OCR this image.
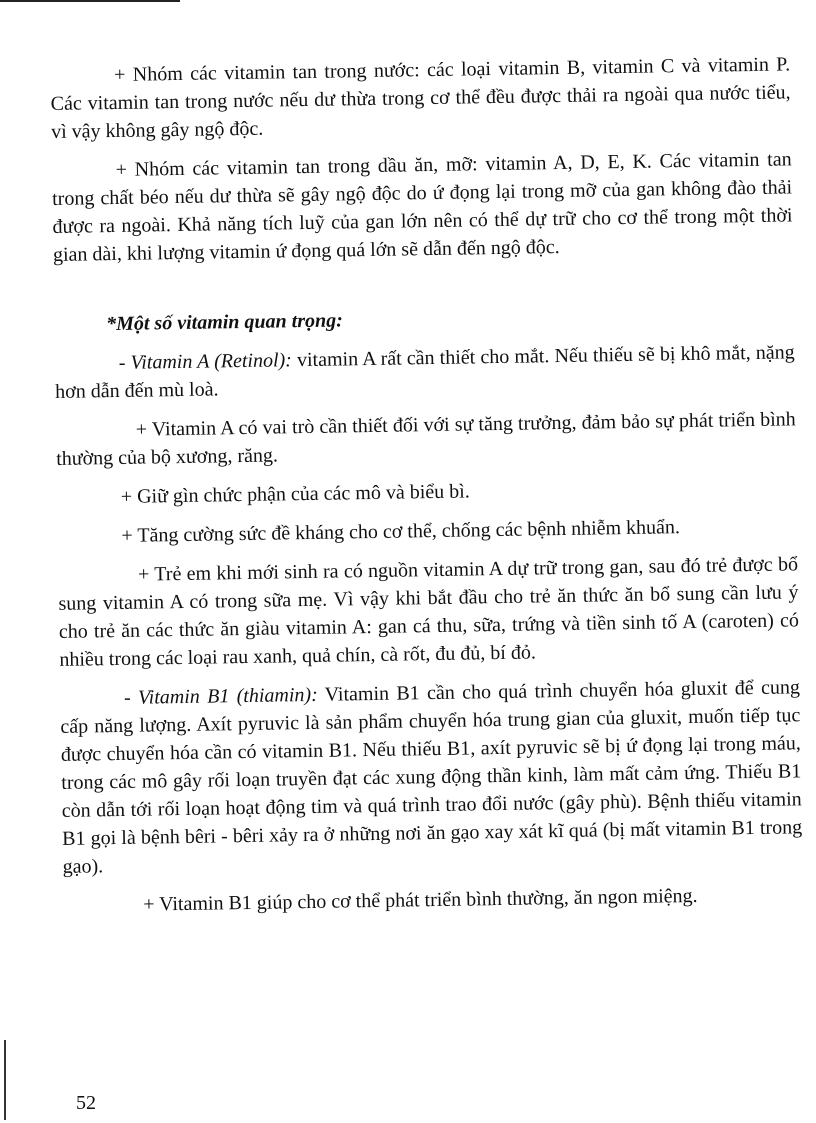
+ Nhóm các vitamin tan trong nước: các loại vitamin B, vitamin C và vitamin P. Các vitamin tan trong nước nếu dư thừa trong cơ thể đều được thải ra ngoài qua nước tiểu, vì vậy không gây ngộ độc.

+ Nhóm các vitamin tan trong dầu ăn, mỡ: vitamin A, D, E, K. Các vitamin tan trong chất béo nếu dư thừa sẽ gây ngộ độc do ứ đọng lại trong mỡ của gan không đào thải được ra ngoài. Khả năng tích luỹ của gan lớn nên có thể dự trữ cho cơ thể trong một thời gian dài, khi lượng vitamin ứ đọng quá lớn sẽ dẫn đến ngộ độc.

*Một số vitamin quan trọng:

- Vitamin A (Retinol): vitamin A rất cần thiết cho mắt. Nếu thiếu sẽ bị khô mắt, nặng hơn dẫn đến mù loà.

+ Vitamin A có vai trò cần thiết đối với sự tăng trưởng, đảm bảo sự phát triển bình thường của bộ xương, răng.

+ Giữ gìn chức phận của các mô và biểu bì.

+ Tăng cường sức đề kháng cho cơ thể, chống các bệnh nhiễm khuẩn.

+ Trẻ em khi mới sinh ra có nguồn vitamin A dự trữ trong gan, sau đó trẻ được bổ sung vitamin A có trong sữa mẹ. Vì vậy khi bắt đầu cho trẻ ăn thức ăn bổ sung cần lưu ý cho trẻ ăn các thức ăn giàu vitamin A: gan cá thu, sữa, trứng và tiền sinh tố A (caroten) có nhiều trong các loại rau xanh, quả chín, cà rốt, đu đủ, bí đỏ.

- Vitamin B1 (thiamin): Vitamin B1 cần cho quá trình chuyển hóa gluxit để cung cấp năng lượng. Axít pyruvic là sản phẩm chuyển hóa trung gian của gluxit, muốn tiếp tục được chuyển hóa cần có vitamin B1. Nếu thiếu B1, axít pyruvic sẽ bị ứ đọng lại trong máu, trong các mô gây rối loạn truyền đạt các xung động thần kinh, làm mất cảm ứng. Thiếu B1 còn dẫn tới rối loạn hoạt động tim và quá trình trao đổi nước (gây phù). Bệnh thiếu vitamin B1 gọi là bệnh bêri - bêri xảy ra ở những nơi ăn gạo xay xát kĩ quá (bị mất vitamin B1 trong gạo).

+ Vitamin B1 giúp cho cơ thể phát triển bình thường, ăn ngon miệng.

52
